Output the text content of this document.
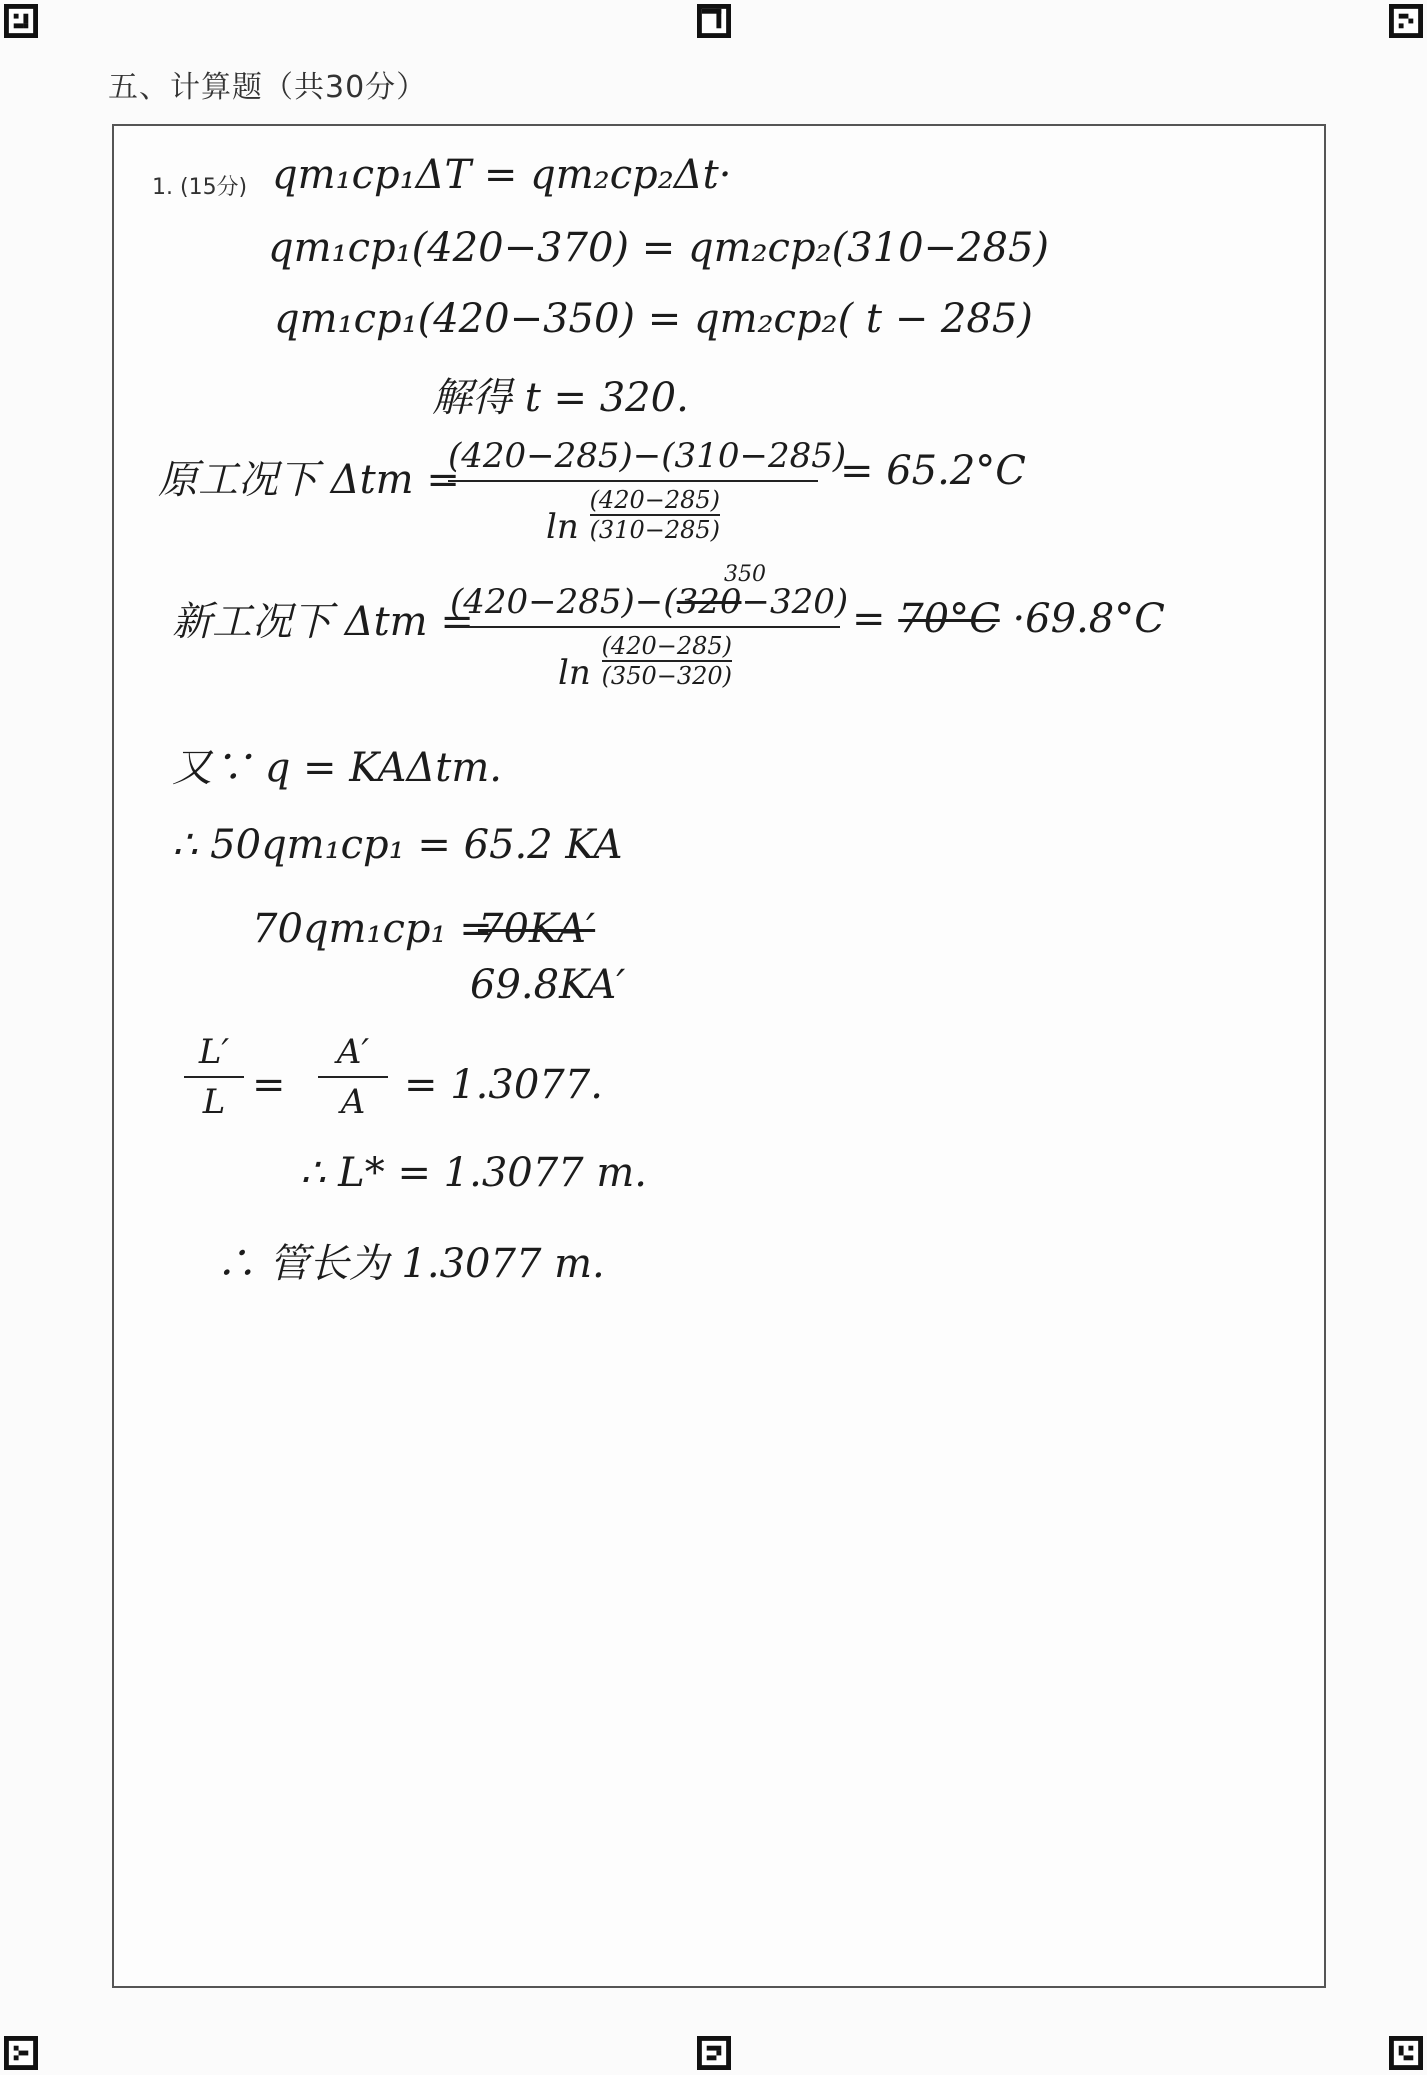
五、计算题（共30分）
1. (15分) qm₁cp₁ΔT = qm₂cp₂Δt·
qm₁cp₁(420−370) = qm₂cp₂(310−285)
qm₁cp₁(420−350) = qm₂cp₂( t − 285)
解得 t = 320.
原工况下 Δtm =
(420−285)−(310−285)
$\ln \frac{(420-285)}{(310-285)}$
= 65.2°C
新工况下 Δtm =
350
(420−285)−(320−320)
$\ln \frac{(420-285)}{(350-320)}$
= 70°C ·69.8°C
又∵ q = KAΔtm.
∴ 50qm₁cp₁ = 65.2 KA
70qm₁cp₁ =
70KA′
69.8KA′
L′
L =
A′
A = 1.3077.
∴ L* = 1.3077 m.
∴ 管长为 1.3077 m.
